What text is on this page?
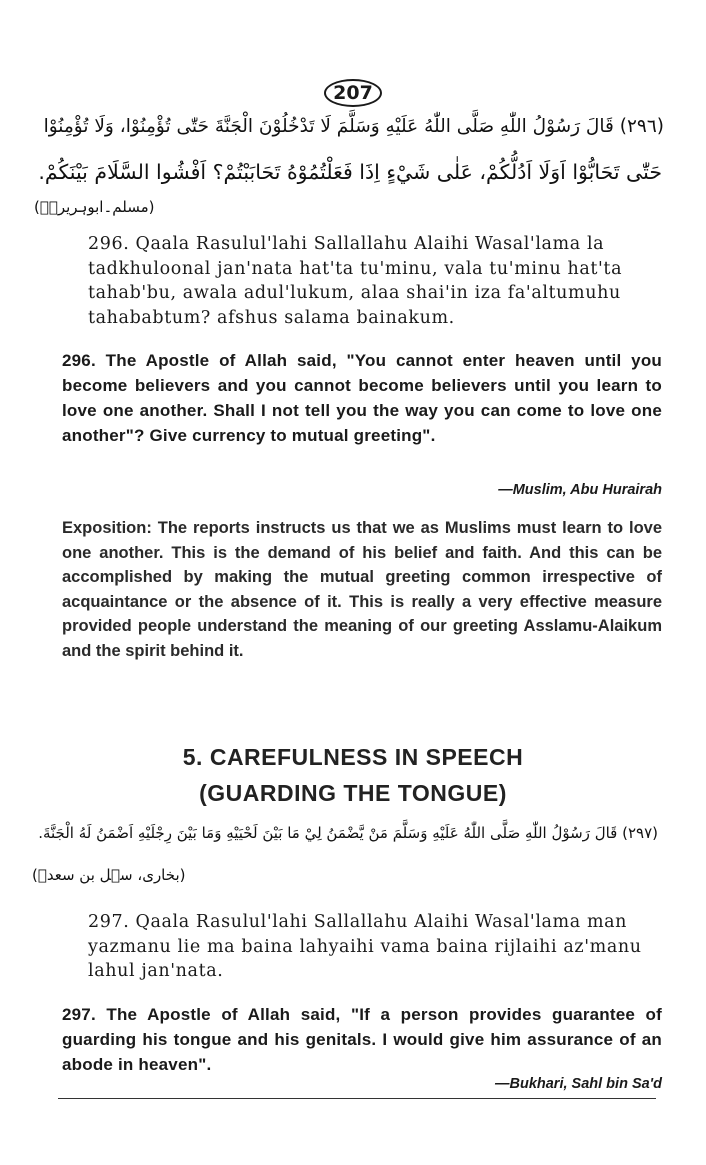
207
(٢٩٦) قَالَ رَسُوْلُ اللّٰهِ صَلَّى اللّٰهُ عَلَيْهِ وَسَلَّمَ لَا تَدْخُلُوْنَ الْجَنَّةَ حَتّٰى تُؤْمِنُوْا، وَلَا تُؤْمِنُوْا
حَتّٰى تَحَابُّوْا اَوَلَا اَدُلُّكُمْ، عَلٰى شَيْءٍ اِذَا فَعَلْتُمُوْهُ تَحَابَبْتُمْ؟ اَفْشُوا السَّلَامَ بَيْنَكُمْ.
(مسلم۔ابوہریرۃؓ)
296. Qaala Rasulul'lahi Sallallahu Alaihi Wasal'lama la
tadkhuloonal jan'nata hat'ta tu'minu, vala tu'minu hat'ta
tahab'bu, awala adul'lukum, alaa shai'in iza fa'altumuhu
tahababtum? afshus salama bainakum.
296. The Apostle of Allah said, "You cannot enter heaven until you become believers and you cannot become believers until you learn to love one another. Shall I not tell you the way you can come to love one another"? Give currency to mutual greeting".
—Muslim, Abu Hurairah
Exposition: The reports instructs us that we as Muslims must learn to love one another. This is the demand of his belief and faith. And this can be accomplished by making the mutual greeting common irrespective of acquaintance or the absence of it. This is really a very effective measure provided people understand the meaning of our greeting Asslamu-Alaikum and the spirit behind it.
5. CAREFULNESS IN SPEECH
(GUARDING THE TONGUE)
(٢٩٧) قَالَ رَسُوْلُ اللّٰهِ صَلَّى اللّٰهُ عَلَيْهِ وَسَلَّمَ مَنْ يَّضْمَنُ لِيْ مَا بَيْنَ لَحْيَيْهِ وَمَا بَيْنَ رِجْلَيْهِ اَضْمَنُ لَهُ الْجَنَّةَ.
(بخاری، سہل بن سعدؓ)
297. Qaala Rasulul'lahi Sallallahu Alaihi Wasal'lama man
yazmanu lie ma baina lahyaihi vama baina rijlaihi az'manu
lahul jan'nata.
297. The Apostle of Allah said, "If a person provides guarantee of guarding his tongue and his genitals. I would give him assurance of an abode in heaven".
—Bukhari, Sahl bin Sa'd
